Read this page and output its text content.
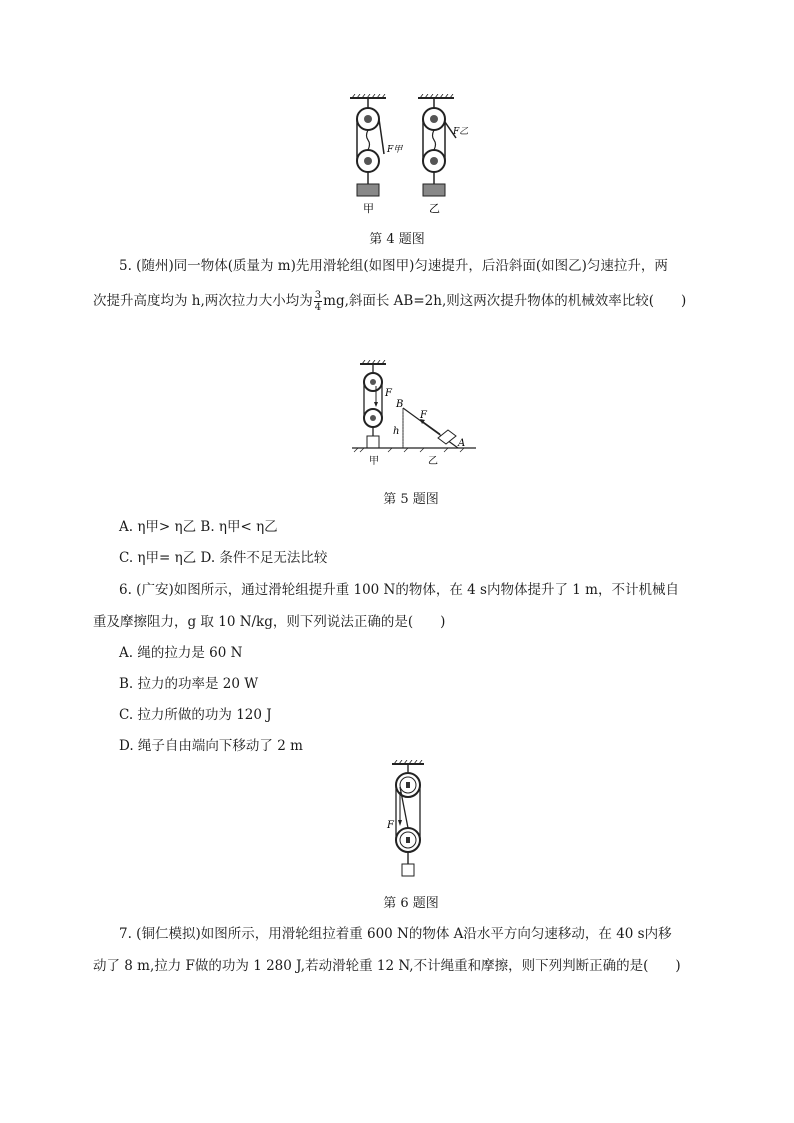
F甲
甲
F乙
乙
第 4 题图
5. (随州)同一物体(质量为 m)先用滑轮组(如图甲)匀速提升，后沿斜面(如图乙)匀速拉升，两
次提升高度均为 h,两次拉力大小均为 $\frac{3}{4}$ mg,斜面长 AB=2h,则这两次提升物体的机械效率比较(　　)
F
B
F
h
A
甲	乙
第 5 题图
A. η甲> η乙 B. η甲< η乙
C. η甲= η乙 D. 条件不足无法比较
6. (广安)如图所示，通过滑轮组提升重 100 N的物体，在 4 s内物体提升了 1 m，不计机械自
重及摩擦阻力，g 取 10 N/kg，则下列说法正确的是(　　)
A. 绳的拉力是 60 N
B. 拉力的功率是 20 W
C. 拉力所做的功为 120 J
D. 绳子自由端向下移动了 2 m
F
第 6 题图
7. (铜仁模拟)如图所示，用滑轮组拉着重 600 N的物体 A沿水平方向匀速移动，在 40 s内移
动了 8 m,拉力 F做的功为 1 280 J,若动滑轮重 12 N,不计绳重和摩擦，则下列判断正确的是(　　)
